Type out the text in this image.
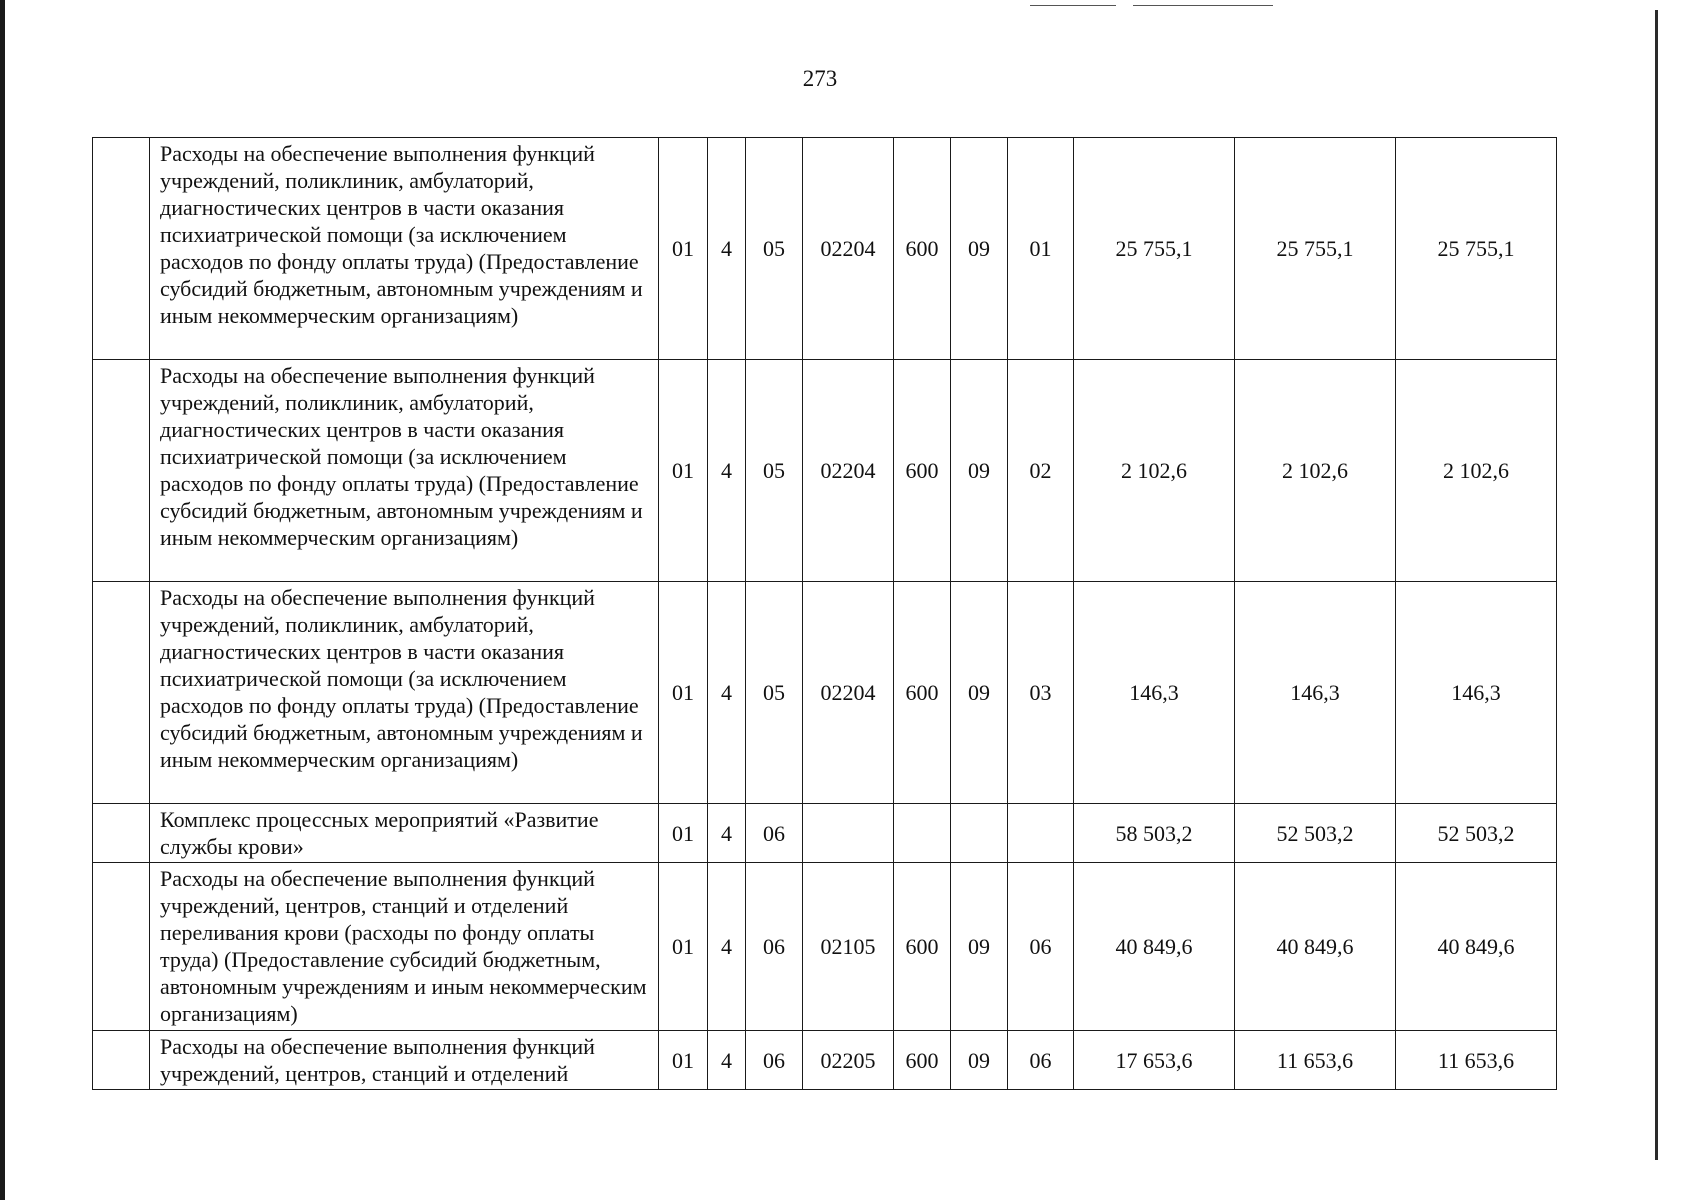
273
	Расходы на обеспечение выполнения функций учреждений, поликлиник, амбулаторий, диагностических центров в части оказания психиатрической помощи (за исключением расходов по фонду оплаты труда) (Предоставление субсидий бюджетным, автономным учреждениям и иным некоммерческим организациям)	01	4	05	02204	600	09	01	25 755,1	25 755,1	25 755,1
	Расходы на обеспечение выполнения функций учреждений, поликлиник, амбулаторий, диагностических центров в части оказания психиатрической помощи (за исключением расходов по фонду оплаты труда) (Предоставление субсидий бюджетным, автономным учреждениям и иным некоммерческим организациям)	01	4	05	02204	600	09	02	2 102,6	2 102,6	2 102,6
	Расходы на обеспечение выполнения функций учреждений, поликлиник, амбулаторий, диагностических центров в части оказания психиатрической помощи (за исключением расходов по фонду оплаты труда) (Предоставление субсидий бюджетным, автономным учреждениям и иным некоммерческим организациям)	01	4	05	02204	600	09	03	146,3	146,3	146,3
	Комплекс процессных мероприятий «Развитие службы крови»	01	4	06					58 503,2	52 503,2	52 503,2
	Расходы на обеспечение выполнения функций учреждений, центров, станций и отделений переливания крови (расходы по фонду оплаты труда) (Предоставление субсидий бюджетным, автономным учреждениям и иным некоммерческим организациям)	01	4	06	02105	600	09	06	40 849,6	40 849,6	40 849,6
	Расходы на обеспечение выполнения функций учреждений, центров, станций и отделений	01	4	06	02205	600	09	06	17 653,6	11 653,6	11 653,6
